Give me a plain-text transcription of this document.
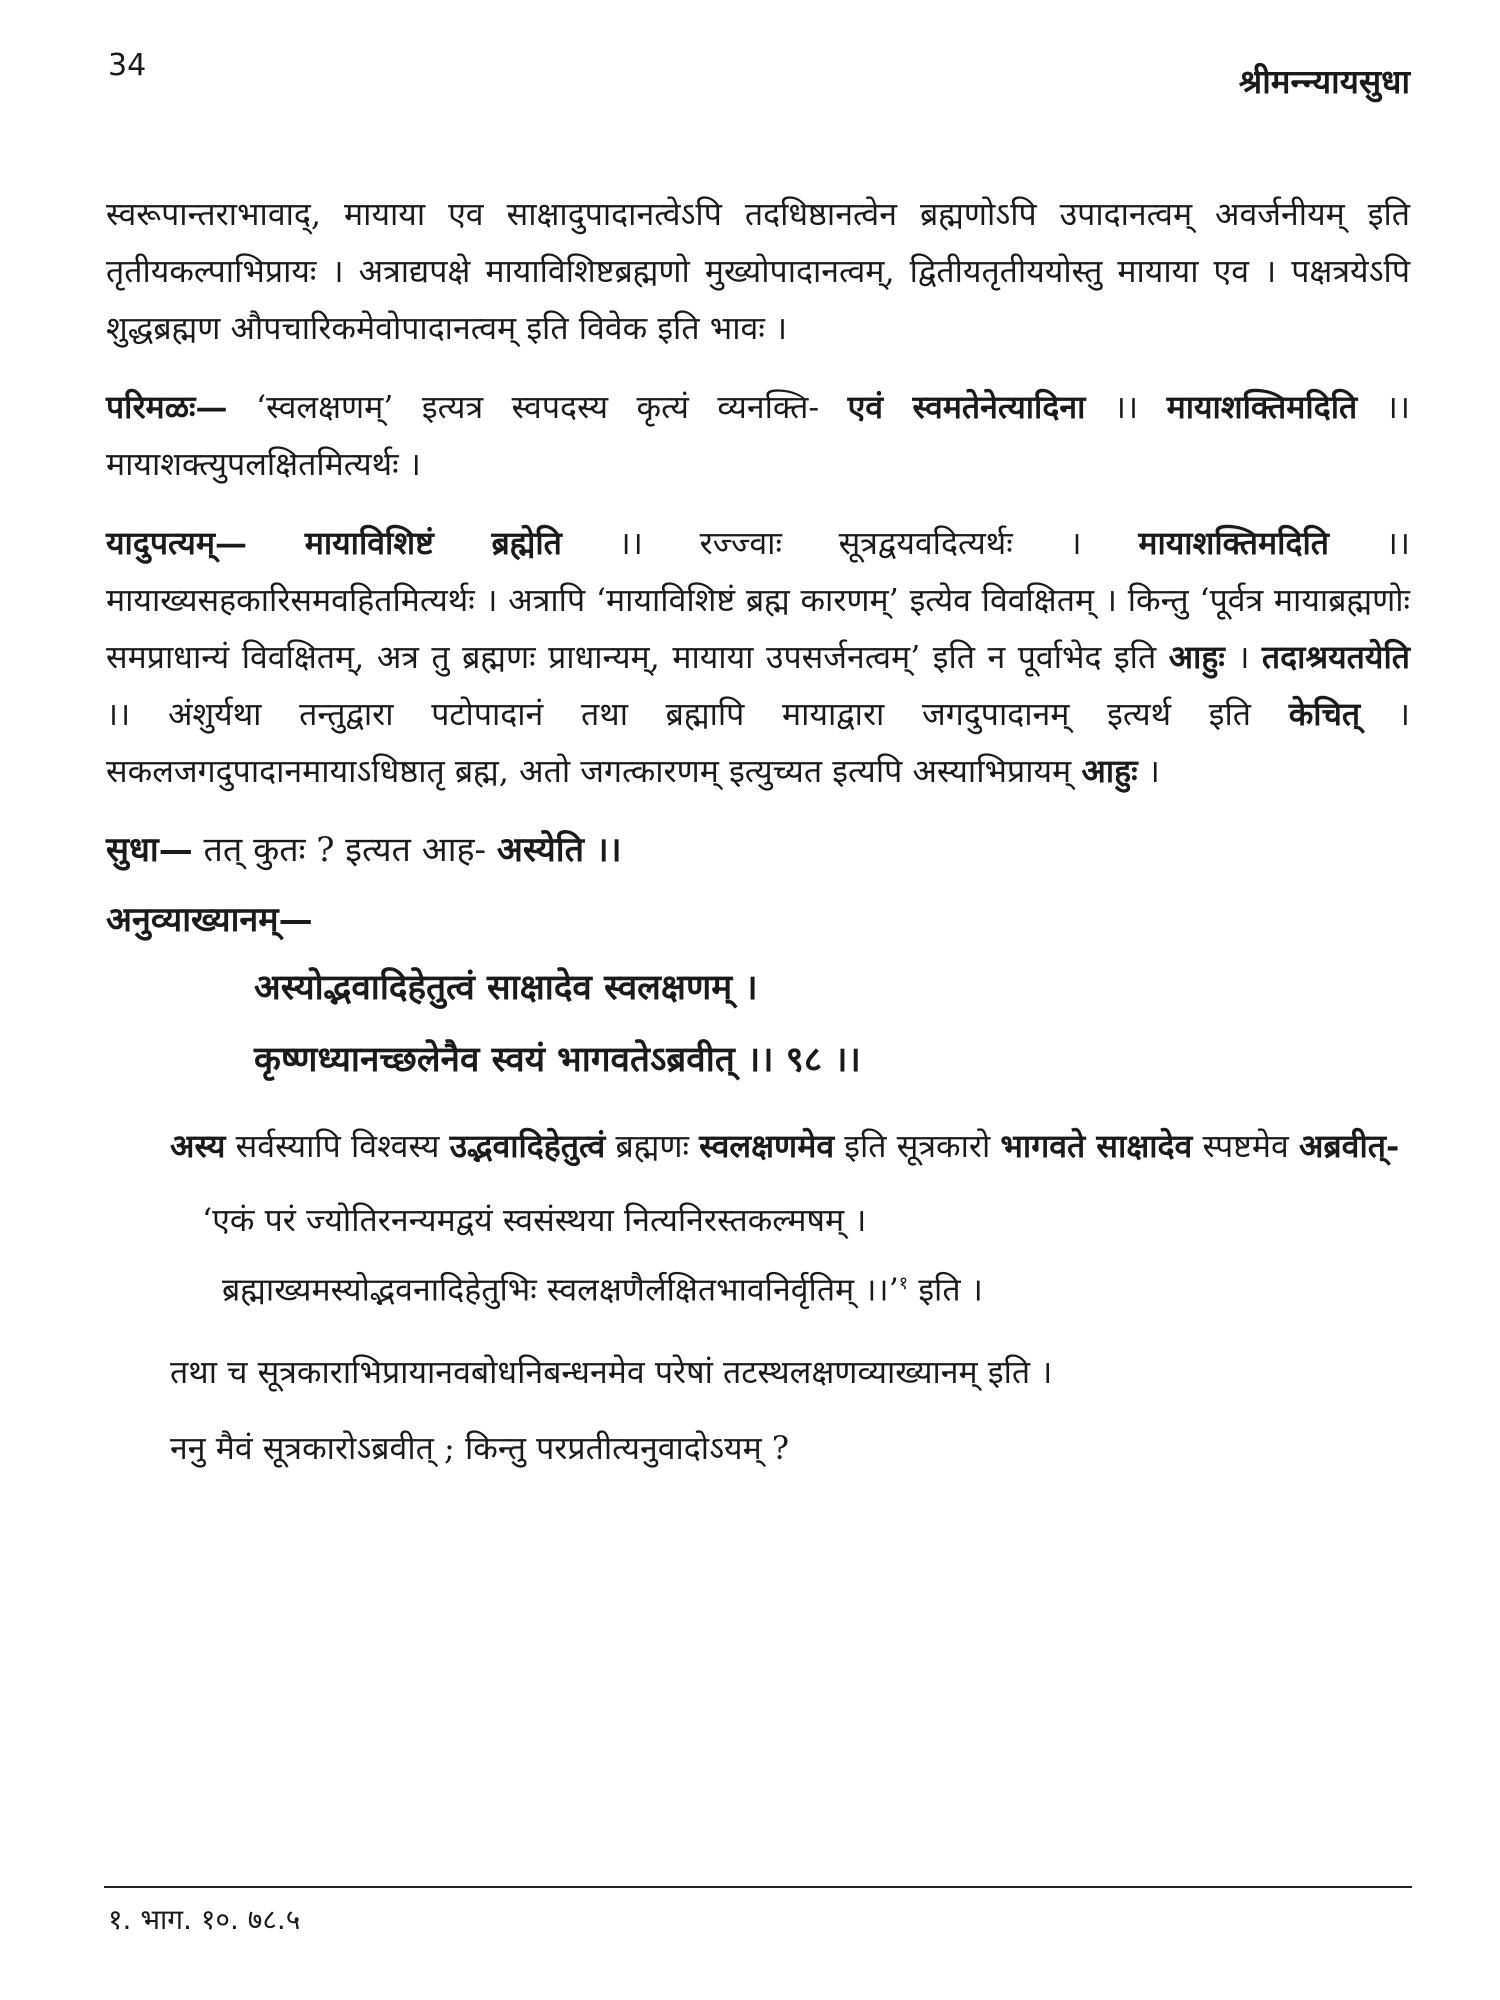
34	श्रीमन्न्यायसुधा

स्वरूपान्तराभावाद्, मायाया एव साक्षादुपादानत्वेऽपि तदधिष्ठानत्वेन ब्रह्मणोऽपि उपादानत्वम् अवर्जनीयम् इति तृतीयकल्पाभिप्रायः । अत्राद्यपक्षे मायाविशिष्टब्रह्मणो मुख्योपादानत्वम्, द्वितीयतृतीययोस्तु मायाया एव । पक्षत्रयेऽपि शुद्धब्रह्मण औपचारिकमेवोपादानत्वम् इति विवेक इति भावः ।

परिमळः— ‘स्वलक्षणम्’ इत्यत्र स्वपदस्य कृत्यं व्यनक्ति- एवं स्वमतेनेत्यादिना ।। मायाशक्तिमदिति ।। मायाशक्त्युपलक्षितमित्यर्थः ।

यादुपत्यम्— मायाविशिष्टं ब्रह्मेति ।। रज्ज्वाः सूत्रद्वयवदित्यर्थः । मायाशक्तिमदिति ।। मायाख्यसहकारिसमवहितमित्यर्थः । अत्रापि ‘मायाविशिष्टं ब्रह्म कारणम्’ इत्येव विवक्षितम् । किन्तु ‘पूर्वत्र मायाब्रह्मणोः समप्राधान्यं विवक्षितम्, अत्र तु ब्रह्मणः प्राधान्यम्, मायाया उपसर्जनत्वम्’ इति न पूर्वाभेद इति आहुः । तदाश्रयतयेति ।। अंशुर्यथा तन्तुद्वारा पटोपादानं तथा ब्रह्मापि मायाद्वारा जगदुपादानम् इत्यर्थ इति केचित् । सकलजगदुपादानमायाऽधिष्ठातृ ब्रह्म, अतो जगत्कारणम् इत्युच्यत इत्यपि अस्याभिप्रायम् आहुः ।

सुधा— तत् कुतः ? इत्यत आह- अस्येति ।।

अनुव्याख्यानम्—

अस्योद्भवादिहेतुत्वं साक्षादेव स्वलक्षणम् ।

कृष्णध्यानच्छलेनैव स्वयं भागवतेऽब्रवीत् ।। ९८ ।।

अस्य सर्वस्यापि विश्वस्य उद्भवादिहेतुत्वं ब्रह्मणः स्वलक्षणमेव इति सूत्रकारो भागवते साक्षादेव स्पष्टमेव अब्रवीत्-

‘एकं परं ज्योतिरनन्यमद्वयं स्वसंस्थया नित्यनिरस्तकल्मषम् ।

ब्रह्माख्यमस्योद्भवनादिहेतुभिः स्वलक्षणैर्लक्षितभावनिर्वृतिम् ।।’$^१$ इति ।

तथा च सूत्रकाराभिप्रायानवबोधनिबन्धनमेव परेषां तटस्थलक्षणव्याख्यानम् इति ।

ननु मैवं सूत्रकारोऽब्रवीत् ; किन्तु परप्रतीत्यनुवादोऽयम् ?

१. भाग. १०. ७८.५
